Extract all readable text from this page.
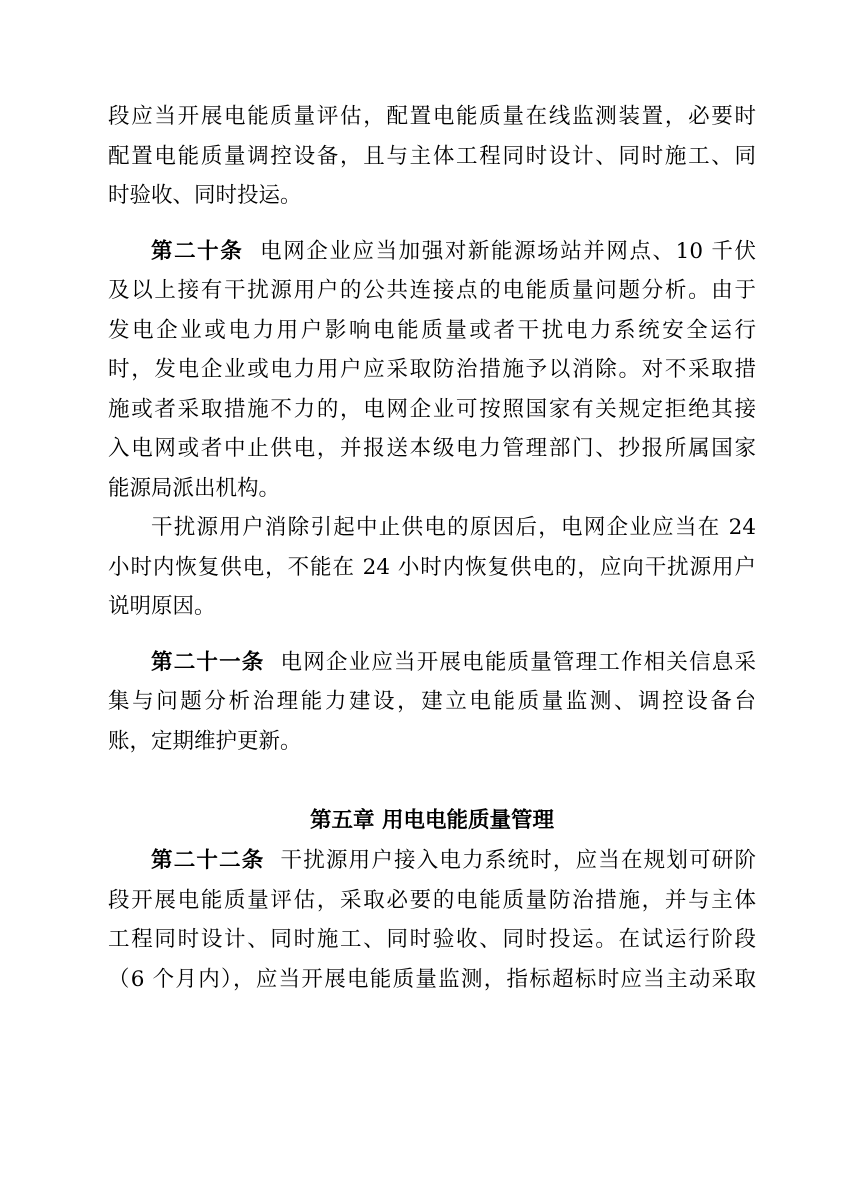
段应当开展电能质量评估，配置电能质量在线监测装置，必要时
配置电能质量调控设备，且与主体工程同时设计、同时施工、同
时验收、同时投运。
第二十条 电网企业应当加强对新能源场站并网点、10 千伏
及以上接有干扰源用户的公共连接点的电能质量问题分析。由于
发电企业或电力用户影响电能质量或者干扰电力系统安全运行
时，发电企业或电力用户应采取防治措施予以消除。对不采取措
施或者采取措施不力的，电网企业可按照国家有关规定拒绝其接
入电网或者中止供电，并报送本级电力管理部门、抄报所属国家
能源局派出机构。
干扰源用户消除引起中止供电的原因后，电网企业应当在 24
小时内恢复供电，不能在 24 小时内恢复供电的，应向干扰源用户
说明原因。
第二十一条 电网企业应当开展电能质量管理工作相关信息采
集与问题分析治理能力建设，建立电能质量监测、调控设备台
账，定期维护更新。
第五章 用电电能质量管理
第二十二条 干扰源用户接入电力系统时，应当在规划可研阶
段开展电能质量评估，采取必要的电能质量防治措施，并与主体
工程同时设计、同时施工、同时验收、同时投运。在试运行阶段
（6 个月内），应当开展电能质量监测，指标超标时应当主动采取
